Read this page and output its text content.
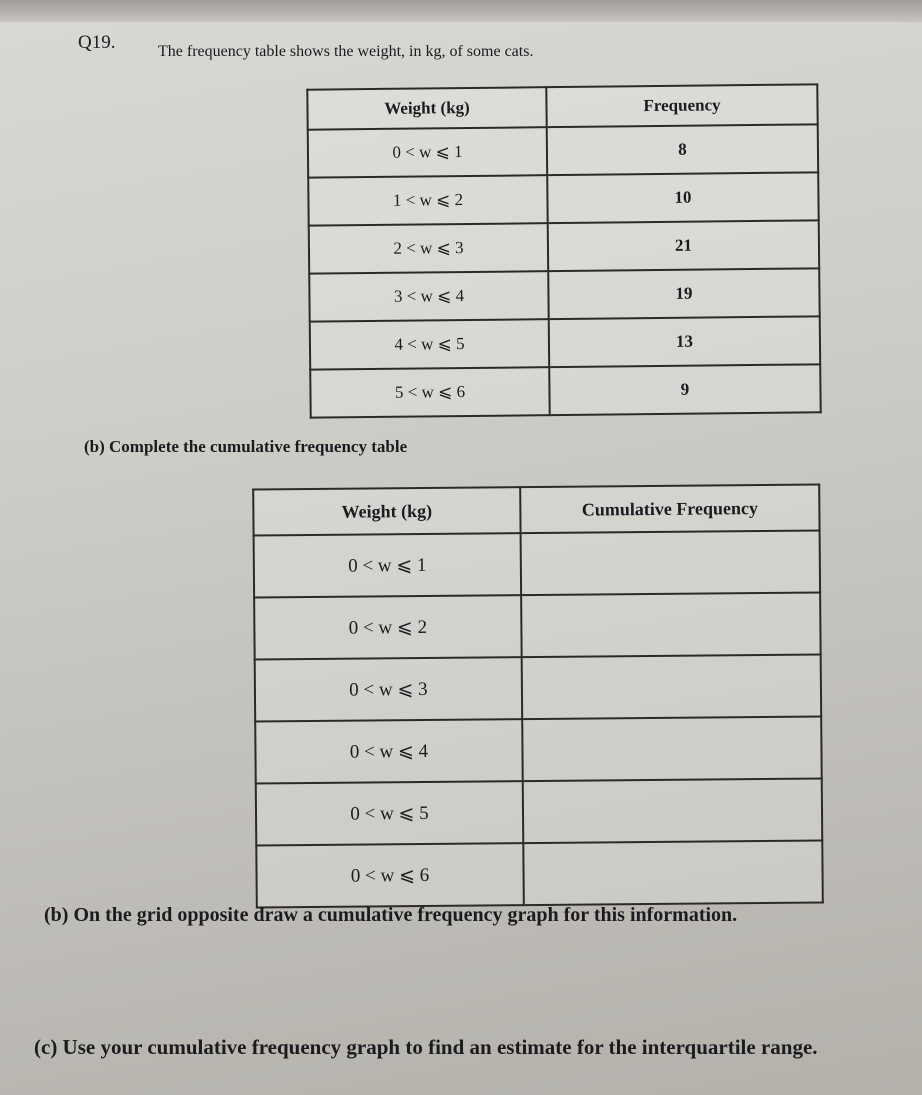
Q19.	The frequency table shows the weight, in kg, of some cats.
Weight (kg)	Frequency
0 < w ⩽ 1	8
1 < w ⩽ 2	10
2 < w ⩽ 3	21
3 < w ⩽ 4	19
4 < w ⩽ 5	13
5 < w ⩽ 6	9
(b) Complete the cumulative frequency table
Weight (kg)	Cumulative Frequency
0 < w ⩽ 1	
0 < w ⩽ 2	
0 < w ⩽ 3	
0 < w ⩽ 4	
0 < w ⩽ 5	
0 < w ⩽ 6	
(b) On the grid opposite draw a cumulative frequency graph for this information.
(c) Use your cumulative frequency graph to find an estimate for the interquartile range.
